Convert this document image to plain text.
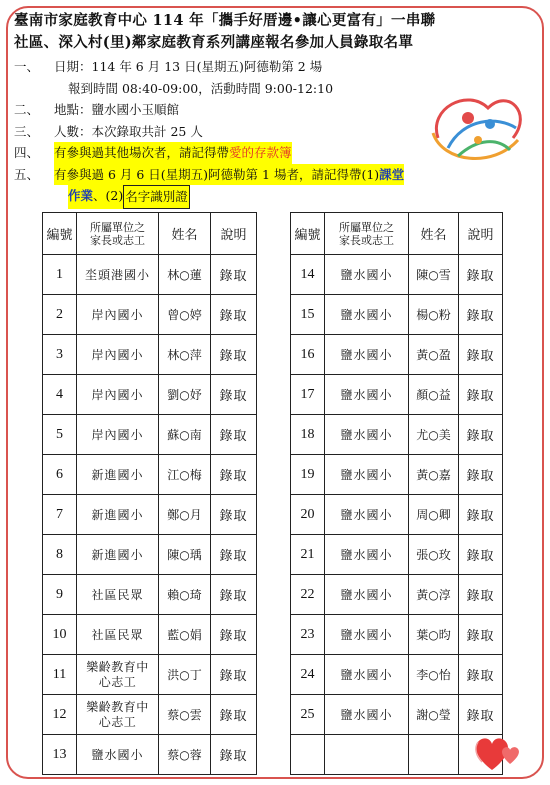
臺南市家庭教育中心 114 年「攜手好厝邊•讓心更富有」一串聯
社區、深入村(里)鄰家庭教育系列講座報名參加人員錄取名單
一、	日期：114 年 6 月 13 日(星期五)阿德勒第 2 場
報到時間 08:40-09:00，活動時間 9:00-12:10
二、	地點：鹽水國小玉順館
三、	人數：本次錄取共計 25 人
四、	有參與過其他場次者，請記得帶 愛的存款簿
五、	有參與過 6 月 6 日(星期五)阿德勒第 1 場者，請記得帶(1) 課堂
作業 、(2) 名字識別證
編號	所屬單位之
家長或志工	姓名	說明
1	坔頭港國小	林○蓮	錄取
2	岸內國小	曾○婷	錄取
3	岸內國小	林○萍	錄取
4	岸內國小	劉○妤	錄取
5	岸內國小	蘇○南	錄取
6	新進國小	江○梅	錄取
7	新進國小	鄭○月	錄取
8	新進國小	陳○瑀	錄取
9	社區民眾	賴○琦	錄取
10	社區民眾	藍○娟	錄取
11	樂齡教育中
心志工	洪○丁	錄取
12	樂齡教育中
心志工	蔡○雲	錄取
13	鹽水國小	蔡○蓉	錄取
編號	所屬單位之
家長或志工	姓名	說明
14	鹽水國小	陳○雪	錄取
15	鹽水國小	楊○粉	錄取
16	鹽水國小	黃○盈	錄取
17	鹽水國小	顏○益	錄取
18	鹽水國小	尤○美	錄取
19	鹽水國小	黃○嘉	錄取
20	鹽水國小	周○卿	錄取
21	鹽水國小	張○玫	錄取
22	鹽水國小	黃○淳	錄取
23	鹽水國小	葉○昀	錄取
24	鹽水國小	李○怡	錄取
25	鹽水國小	謝○瑩	錄取
